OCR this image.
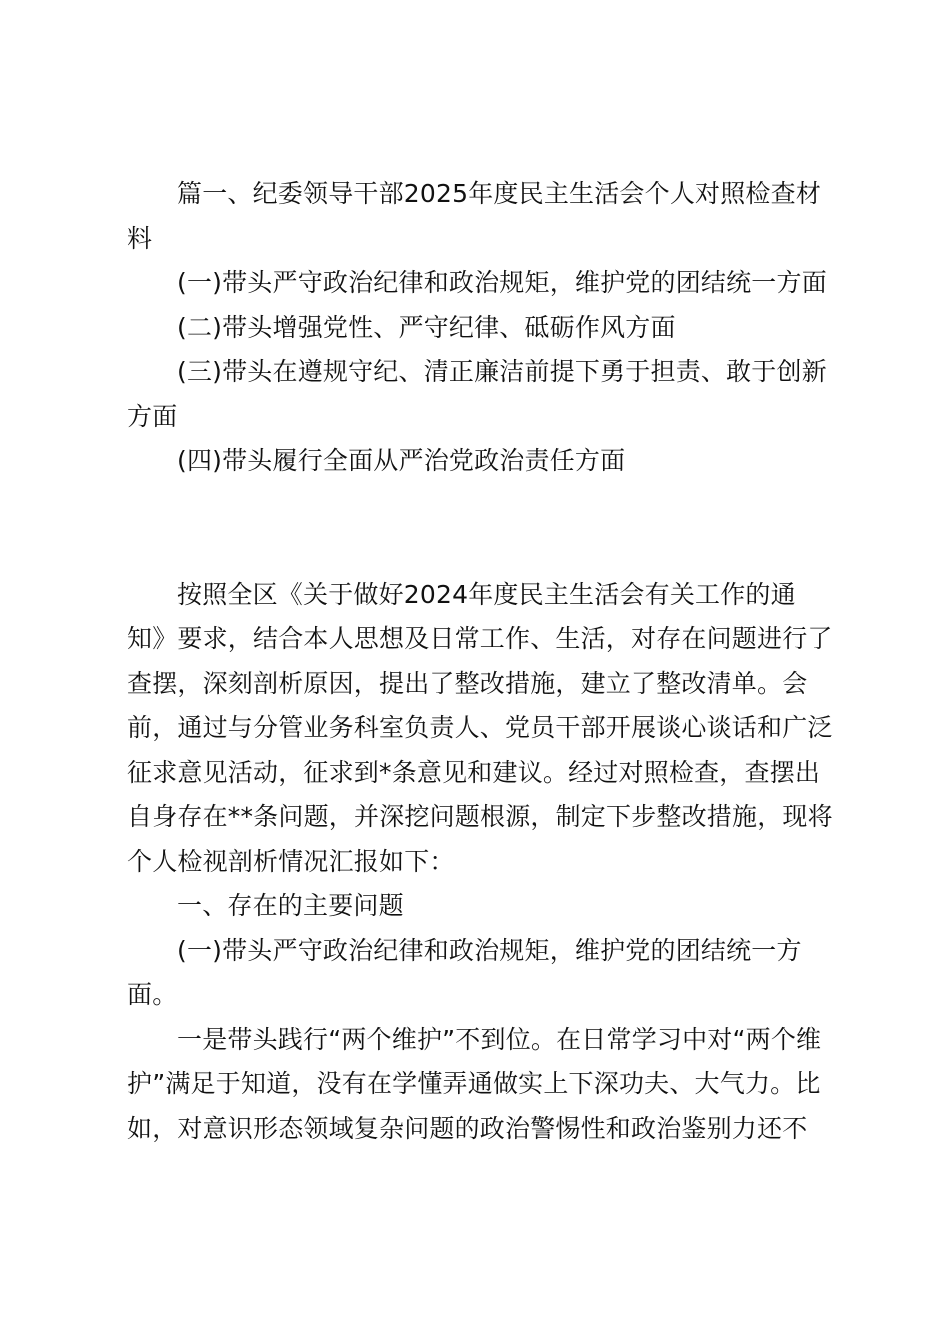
篇一、纪委领导干部2025年度民主生活会个人对照检查材料

(一)带头严守政治纪律和政治规矩，维护党的团结统一方面

(二)带头增强党性、严守纪律、砥砺作风方面

(三)带头在遵规守纪、清正廉洁前提下勇于担责、敢于创新方面

(四)带头履行全面从严治党政治责任方面

按照全区《关于做好2024年度民主生活会有关工作的通知》要求，结合本人思想及日常工作、生活，对存在问题进行了查摆，深刻剖析原因，提出了整改措施，建立了整改清单。会前，通过与分管业务科室负责人、党员干部开展谈心谈话和广泛征求意见活动，征求到*条意见和建议。经过对照检查，查摆出自身存在**条问题，并深挖问题根源，制定下步整改措施，现将个人检视剖析情况汇报如下：

一、存在的主要问题

(一)带头严守政治纪律和政治规矩，维护党的团结统一方面。

一是带头践行“两个维护”不到位。在日常学习中对“两个维护”满足于知道，没有在学懂弄通做实上下深功夫、大气力。比如，对意识形态领域复杂问题的政治警惕性和政治鉴别力还不
